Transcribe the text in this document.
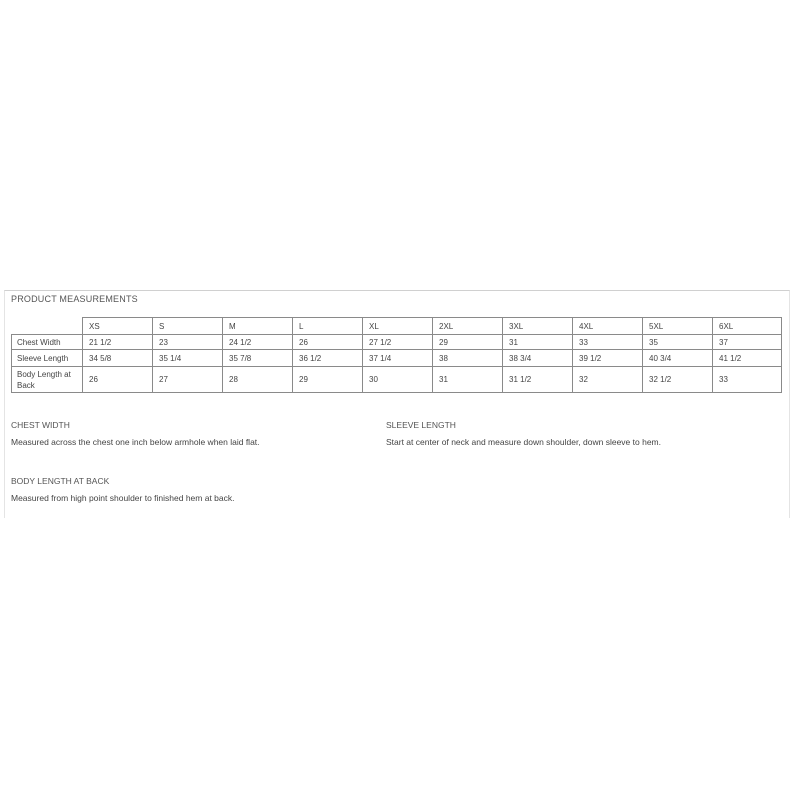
PRODUCT MEASUREMENTS
	XS	S	M	L	XL	2XL	3XL	4XL	5XL	6XL
Chest Width	21 1/2	23	24 1/2	26	27 1/2	29	31	33	35	37
Sleeve Length	34 5/8	35 1/4	35 7/8	36 1/2	37 1/4	38	38 3/4	39 1/2	40 3/4	41 1/2
Body Length at Back	26	27	28	29	30	31	31 1/2	32	32 1/2	33
CHEST WIDTH
Measured across the chest one inch below armhole when laid flat.
SLEEVE LENGTH
Start at center of neck and measure down shoulder, down sleeve to hem.
BODY LENGTH AT BACK
Measured from high point shoulder to finished hem at back.
